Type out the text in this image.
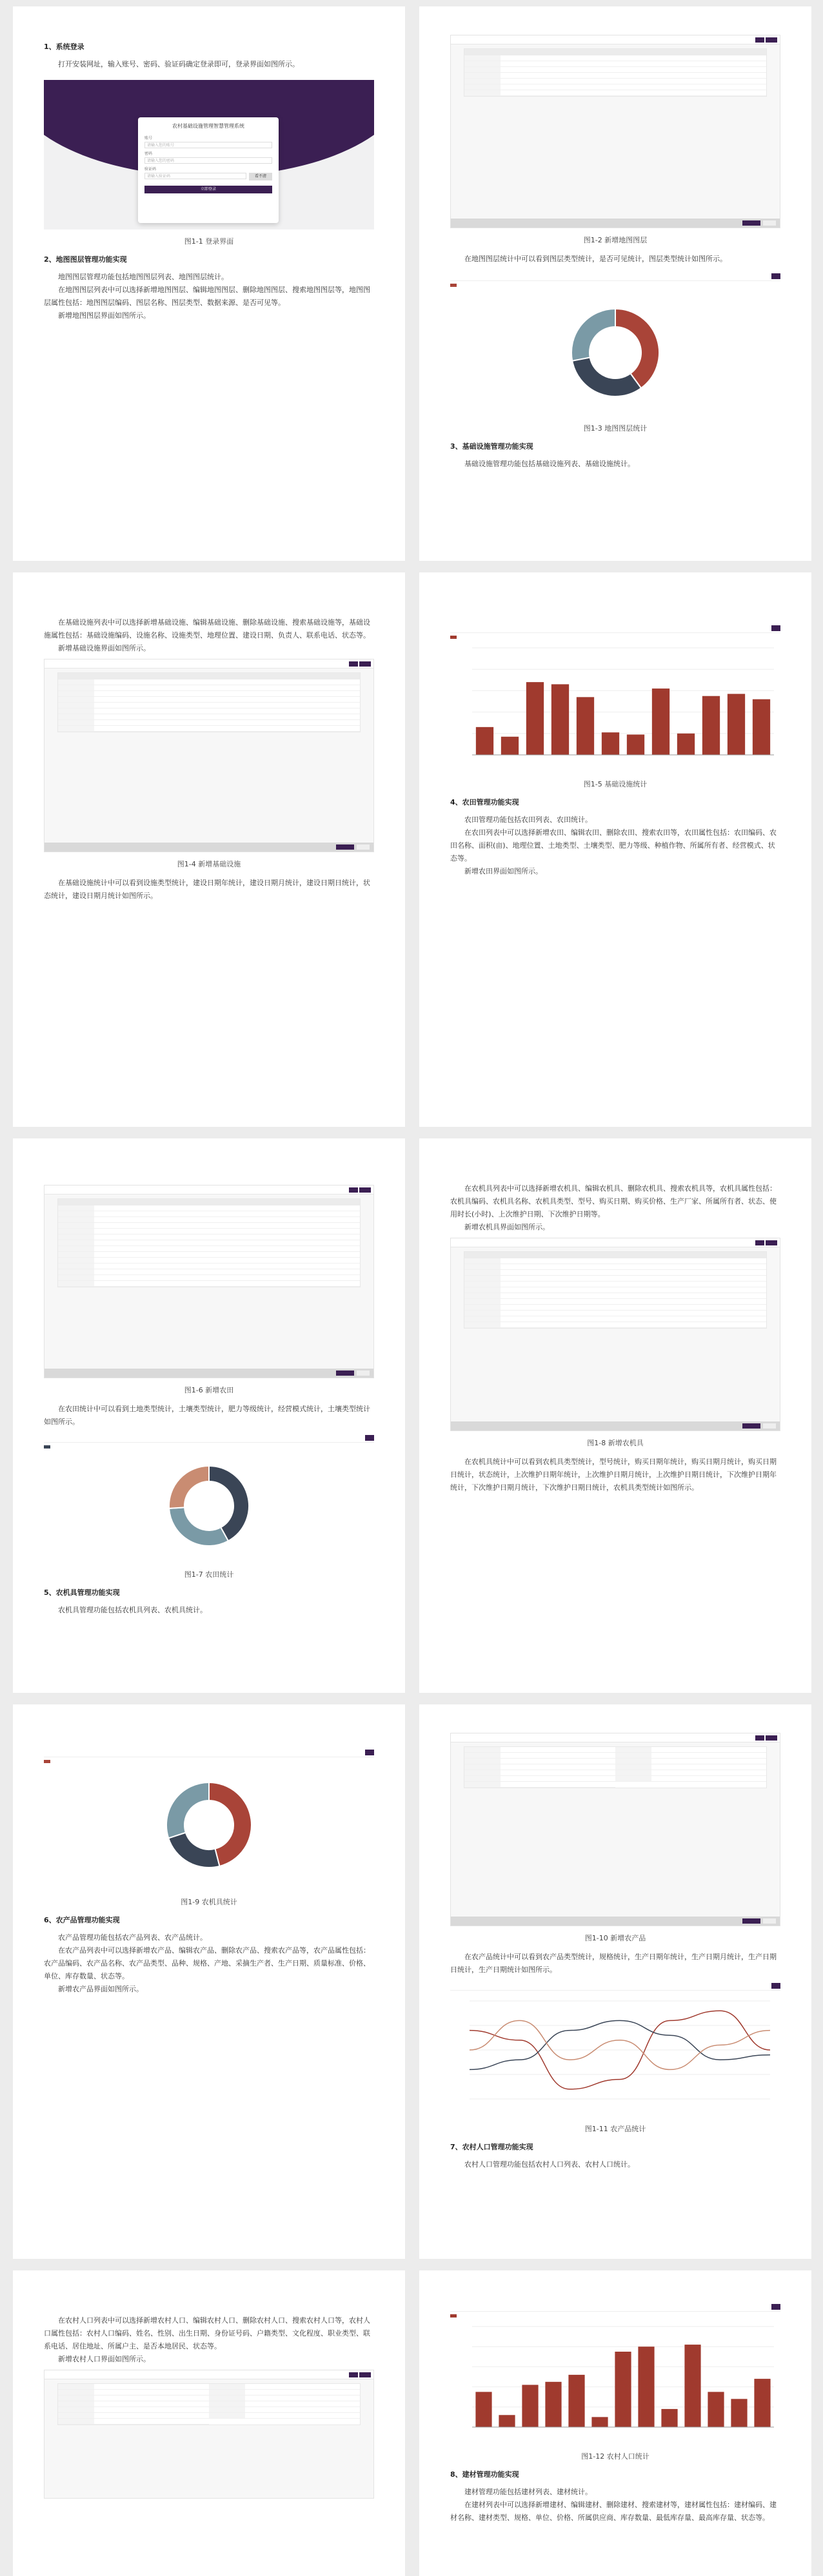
1、系统登录
打开安装网址，输入账号、密码、验证码确定登录即可，登录界面如图所示。
农村基础设施管理智慧管理系统
账号
请输入您的账号
密码
请输入您的密码
验证码
请输入验证码	看不清
立即登录
图1-1 登录界面
2、地图图层管理功能实现
地图图层管理功能包括地图图层列表、地图图层统计。
在地图图层列表中可以选择新增地图图层、编辑地图图层、删除地图图层、搜索地图图层等，地图图层属性包括：地图图层编码、图层名称、图层类型、数据来源、是否可见等。
新增地图图层界面如图所示。
图1-2 新增地图图层
在地图图层统计中可以看到图层类型统计，是否可见统计，图层类型统计如图所示。
图1-3 地图图层统计
3、基础设施管理功能实现
基础设施管理功能包括基础设施列表、基础设施统计。
在基础设施列表中可以选择新增基础设施、编辑基础设施、删除基础设施、搜索基础设施等，基础设施属性包括：基础设施编码、设施名称、设施类型、地理位置、建设日期、负责人、联系电话、状态等。
新增基础设施界面如图所示。
图1-4 新增基础设施
在基础设施统计中可以看到设施类型统计，建设日期年统计，建设日期月统计，建设日期日统计，状态统计，建设日期月统计如图所示。
图1-5 基础设施统计
4、农田管理功能实现
农田管理功能包括农田列表、农田统计。
在农田列表中可以选择新增农田、编辑农田、删除农田、搜索农田等，农田属性包括：农田编码、农田名称、面积(亩)、地理位置、土地类型、土壤类型、肥力等级、种植作物、所属所有者、经营模式、状态等。
新增农田界面如图所示。
图1-6 新增农田
在农田统计中可以看到土地类型统计，土壤类型统计，肥力等级统计，经营模式统计，土壤类型统计如图所示。
图1-7 农田统计
5、农机具管理功能实现
农机具管理功能包括农机具列表、农机具统计。
在农机具列表中可以选择新增农机具、编辑农机具、删除农机具、搜索农机具等，农机具属性包括：农机具编码、农机具名称、农机具类型、型号、购买日期、购买价格、生产厂家、所属所有者、状态、使用时长(小时)、上次维护日期、下次维护日期等。
新增农机具界面如图所示。
图1-8 新增农机具
在农机具统计中可以看到农机具类型统计，型号统计，购买日期年统计，购买日期月统计，购买日期日统计，状态统计，上次维护日期年统计，上次维护日期月统计，上次维护日期日统计，下次维护日期年统计，下次维护日期月统计，下次维护日期日统计，农机具类型统计如图所示。
图1-9 农机具统计
6、农产品管理功能实现
农产品管理功能包括农产品列表、农产品统计。
在农产品列表中可以选择新增农产品、编辑农产品、删除农产品、搜索农产品等，农产品属性包括：农产品编码、农产品名称、农产品类型、品种、规格、产地、采摘生产者、生产日期、质量标准、价格、单位、库存数量、状态等。
新增农产品界面如图所示。
图1-10 新增农产品
在农产品统计中可以看到农产品类型统计，规格统计，生产日期年统计，生产日期月统计，生产日期日统计，生产日期统计如图所示。
图1-11 农产品统计
7、农村人口管理功能实现
农村人口管理功能包括农村人口列表、农村人口统计。
在农村人口列表中可以选择新增农村人口、编辑农村人口、删除农村人口、搜索农村人口等，农村人口属性包括：农村人口编码、姓名、性别、出生日期、身份证号码、户籍类型、文化程度、职业类型、联系电话、居住地址、所属户主、是否本地居民、状态等。
新增农村人口界面如图所示。
图1-12 农村人口统计
8、建材管理功能实现
建材管理功能包括建材列表、建材统计。
在建材列表中可以选择新增建材、编辑建材、删除建材、搜索建材等，建材属性包括：建材编码、建材名称、建材类型、规格、单位、价格、所属供应商、库存数量、最低库存量、最高库存量、状态等。
